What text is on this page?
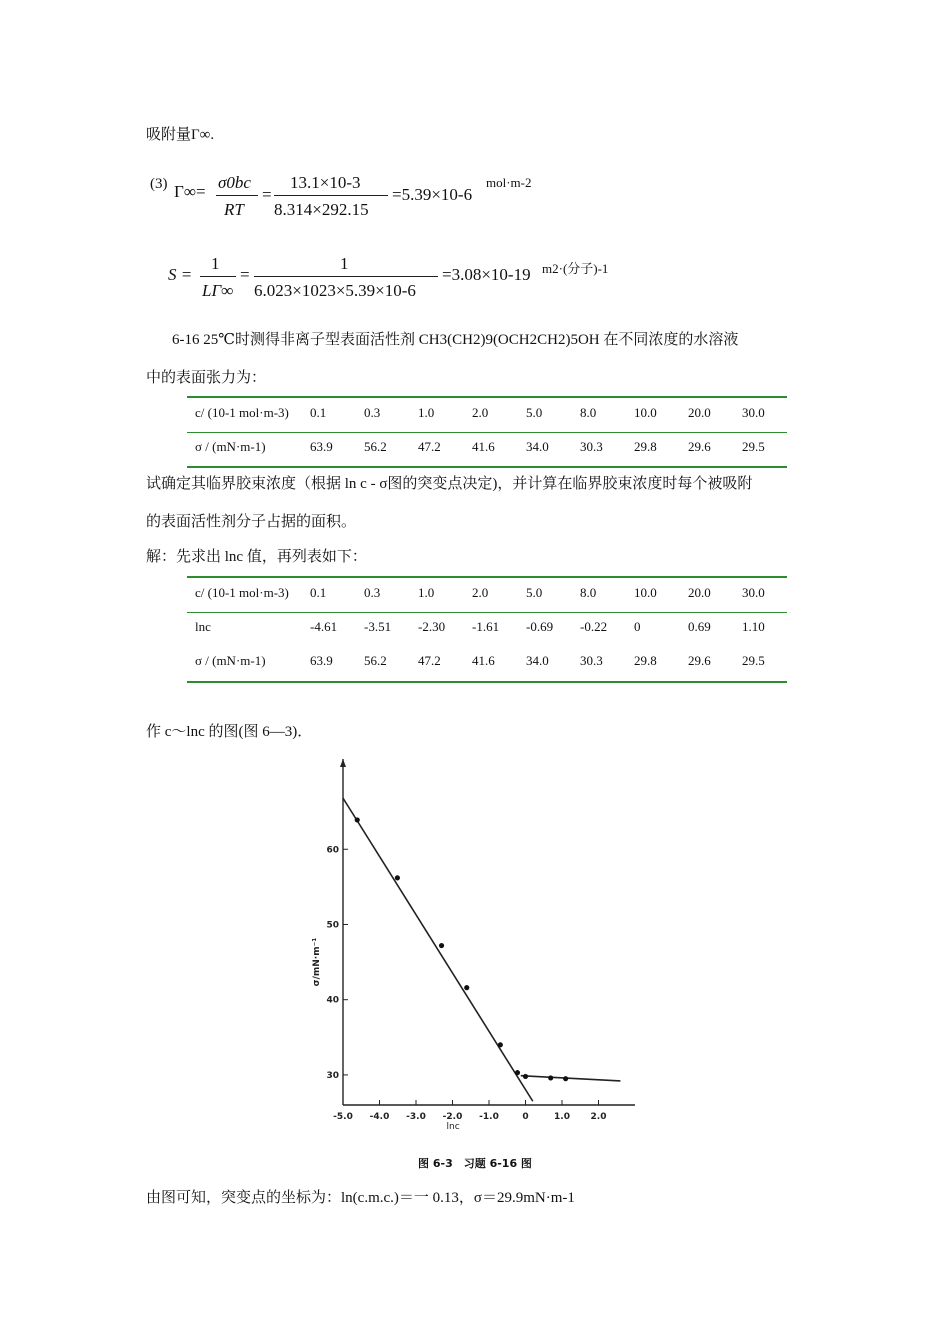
吸附量Γ∞.
(3) Γ∞= σ0bc
RT
=
13.1×10-3
8.314×292.15
=5.39×10-6
mol·m-2
S =
1
LΓ∞
=
1
6.023×1023×5.39×10-6
=3.08×10-19 m2·(分子)-1
6-16 25℃时测得非离子型表面活性剂 CH3(CH2)9(OCH2CH2)5OH 在不同浓度的水溶液
中的表面张力为：
c/ (10-1 mol·m-3)	0.1	0.3	1.0	2.0	5.0	8.0	10.0	20.0	30.0
σ / (mN·m-1)	63.9	56.2	47.2	41.6	34.0	30.3	29.8	29.6	29.5
试确定其临界胶束浓度（根据 ln c - σ图的突变点决定)，并计算在临界胶束浓度时每个被吸附
的表面活性剂分子占据的面积。
解：先求出 lnc 值，再列表如下：
c/ (10-1 mol·m-3)	0.1	0.3	1.0	2.0	5.0	8.0	10.0	20.0	30.0
lnc	-4.61	-3.51	-2.30	-1.61	-0.69	-0.22	0	0.69	1.10
σ / (mN·m-1)	63.9	56.2	47.2	41.6	34.0	30.3	29.8	29.6	29.5
作 c～lnc 的图(图 6—3)．
-5.0 -4.0 -3.0 -2.0 -1.0	0	1.0 2.0
30
40
50
60
lnc
σ/mN·m⁻¹
图 6-3　习题 6-16 图
由图可知，突变点的坐标为：ln(c.m.c.)＝一 0.13，σ＝29.9mN·m-1
